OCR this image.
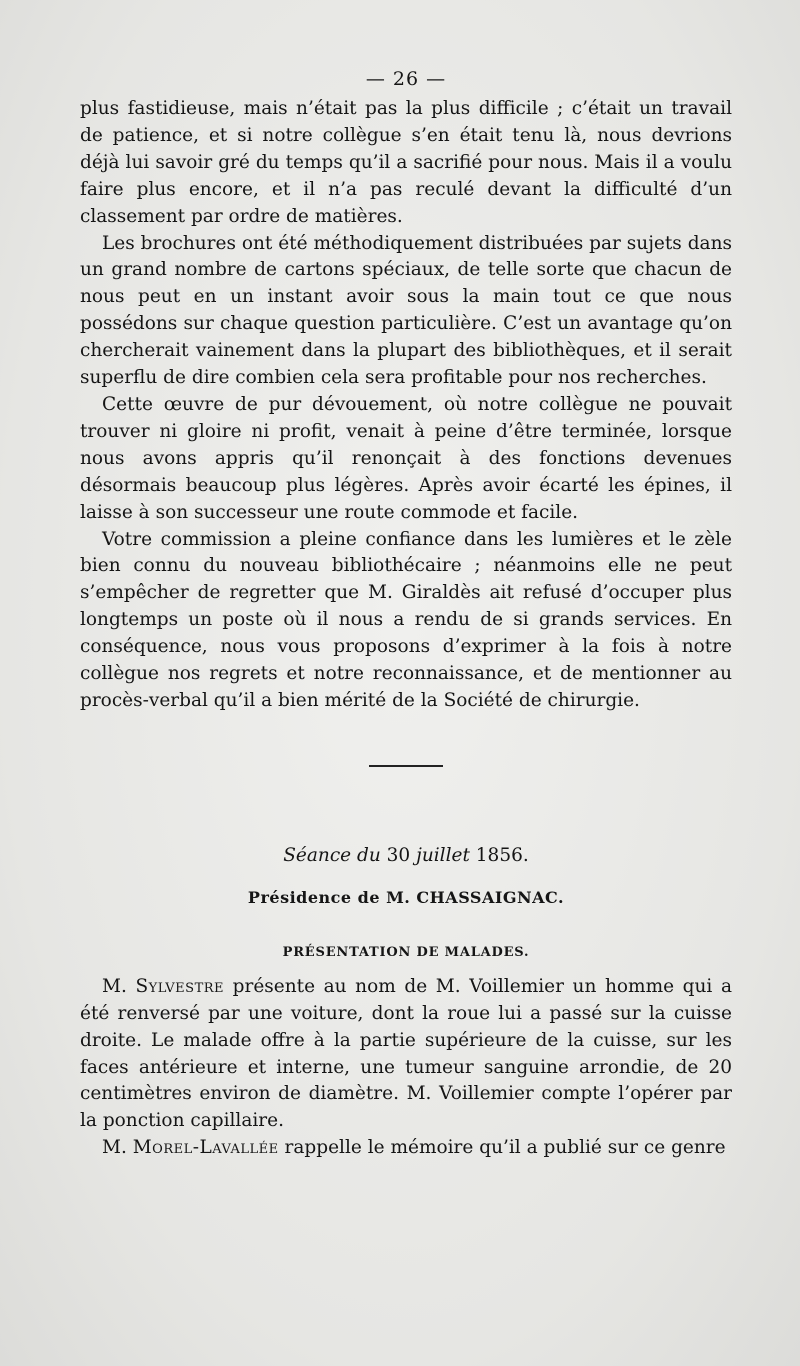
— 26 —

plus fastidieuse, mais n’était pas la plus difficile ; c’était un travail de patience, et si notre collègue s’en était tenu là, nous devrions déjà lui savoir gré du temps qu’il a sacrifié pour nous. Mais il a voulu faire plus encore, et il n’a pas reculé devant la difficulté d’un classement par ordre de matières.

Les brochures ont été méthodiquement distribuées par sujets dans un grand nombre de cartons spéciaux, de telle sorte que chacun de nous peut en un instant avoir sous la main tout ce que nous possédons sur chaque question particulière. C’est un avantage qu’on chercherait vainement dans la plupart des bibliothèques, et il serait superflu de dire combien cela sera profitable pour nos recherches.

Cette œuvre de pur dévouement, où notre collègue ne pouvait trouver ni gloire ni profit, venait à peine d’être terminée, lorsque nous avons appris qu’il renonçait à des fonctions devenues désormais beaucoup plus légères. Après avoir écarté les épines, il laisse à son successeur une route commode et facile.

Votre commission a pleine confiance dans les lumières et le zèle bien connu du nouveau bibliothécaire ; néanmoins elle ne peut s’empêcher de regretter que M. Giraldès ait refusé d’occuper plus longtemps un poste où il nous a rendu de si grands services. En conséquence, nous vous proposons d’exprimer à la fois à notre collègue nos regrets et notre reconnaissance, et de mentionner au procès-verbal qu’il a bien mérité de la Société de chirurgie.

Séance du 30 juillet 1856.
Présidence de M. CHASSAIGNAC.
PRÉSENTATION DE MALADES.

M. Sylvestre présente au nom de M. Voillemier un homme qui a été renversé par une voiture, dont la roue lui a passé sur la cuisse droite. Le malade offre à la partie supérieure de la cuisse, sur les faces antérieure et interne, une tumeur sanguine arrondie, de 20 centimètres environ de diamètre. M. Voillemier compte l’opérer par la ponction capillaire.

M. Morel-Lavallée rappelle le mémoire qu’il a publié sur ce genre
